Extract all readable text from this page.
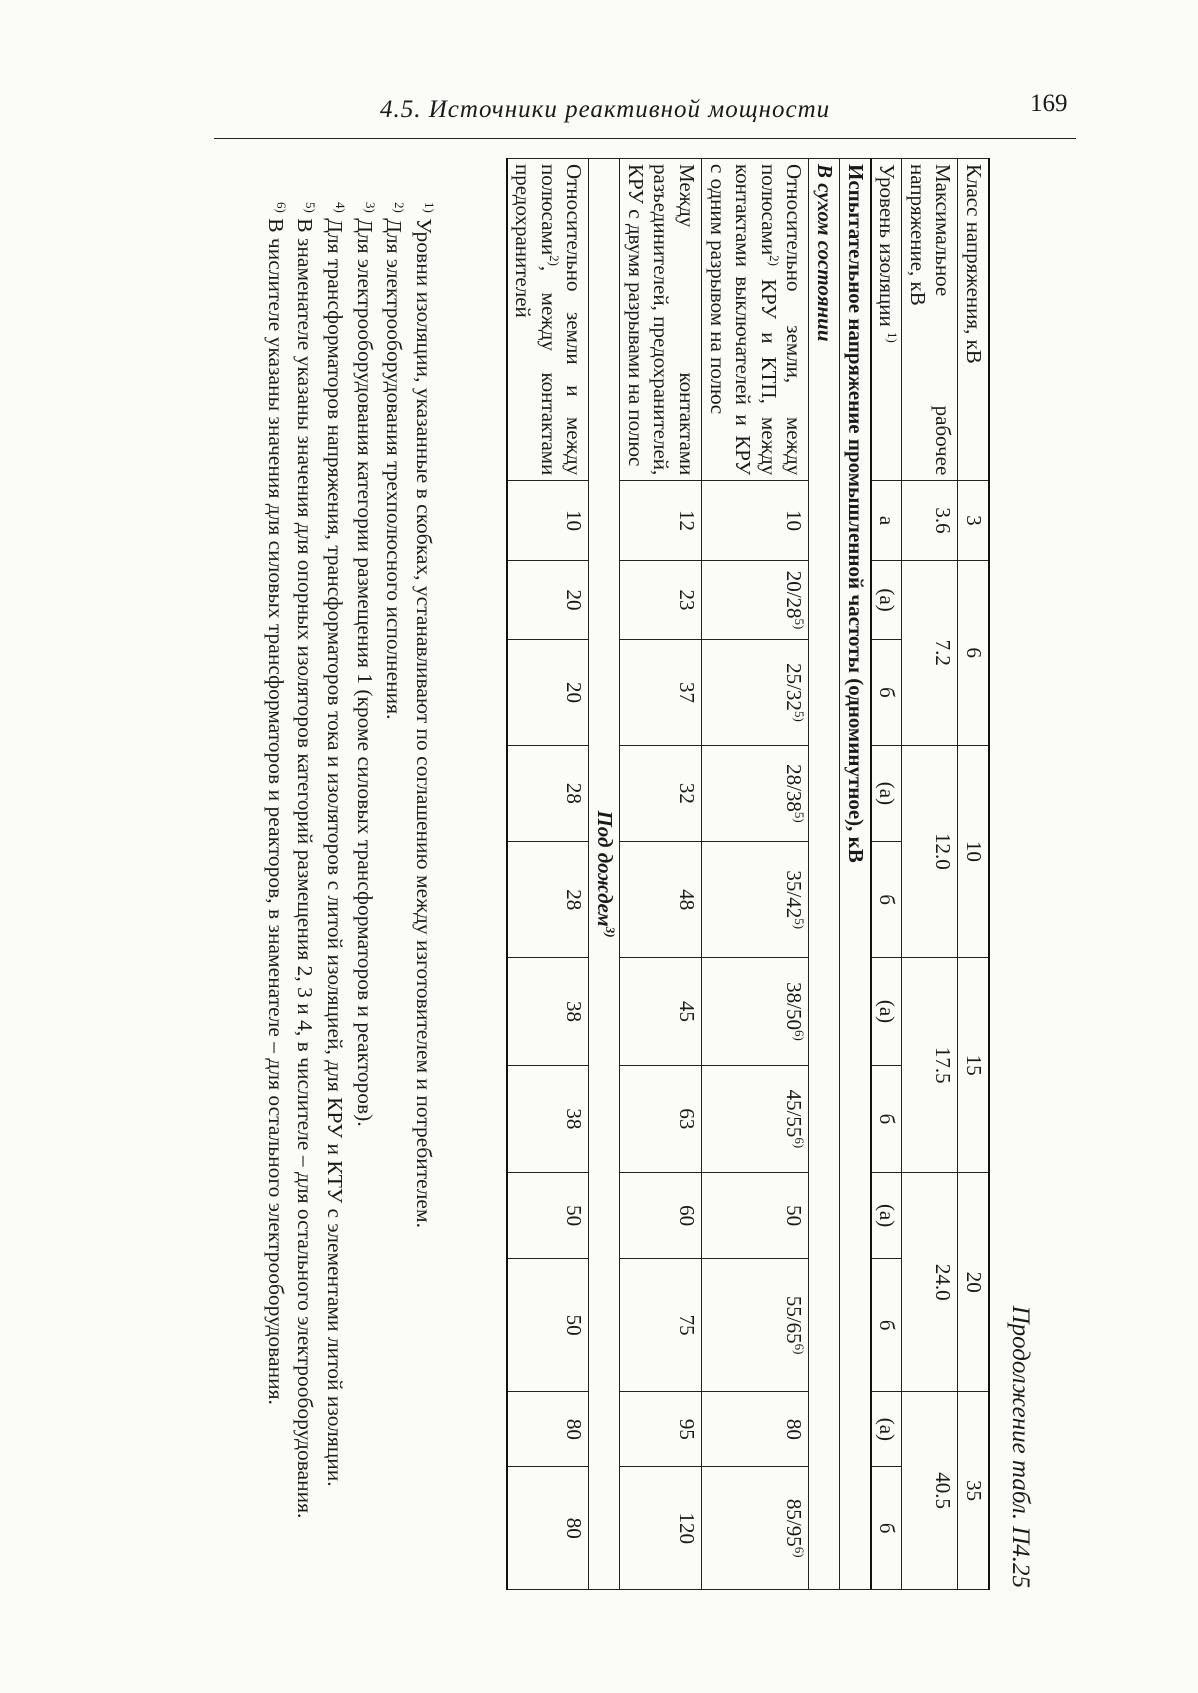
4.5. Источники реактивной мощности	169
Продолжение табл. П4.25
Класс напряжения, кВ	3	6		10		15		20		35	
Максимальное рабочее напряжение, кВ	3.6	7.2		12.0		17.5		24.0		40.5	
Уровень изоляции $^{1)}$	а	(а)	б	(а)	б	(а)	б	(а)	б	(а)	б
Испытательное напряжение промышленной частоты (одноминутное), кВ											
В сухом состоянии											
Относительно земли, между полюсами$^{2)}$ КРУ и КТП, между контактами выключателей и КРУ с одним разрывом на полюс	10	20/28$^{5)}$	25/32$^{5)}$	28/38$^{5)}$	35/42$^{5)}$	38/50$^{6)}$	45/55$^{6)}$	50	55/65$^{6)}$	80	85/95$^{6)}$
Между контактами разъединителей, предохранителей, КРУ с двумя разрывами на полюс	12	23	37	32	48	45	63	60	75	95	120
Под дождем$^{3)}$
Относительно земли и между полюсами$^{2)}$, между контактами предохранителей	10	20	20	28	28	38	38	50	50	80	80
$^{1)}$ Уровни изоляции, указанные в скобках, устанавливают по соглашению между изготовителем и потребителем.
$^{2)}$ Для электрооборудования трехполюсного исполнения.
$^{3)}$ Для электрооборудования категории размещения 1 (кроме силовых трансформаторов и реакторов).
$^{4)}$ Для трансформаторов напряжения, трансформаторов тока и изоляторов с литой изоляцией, для КРУ и КТУ с элементами литой изоляции.
$^{5)}$ В знаменателе указаны значения для опорных изоляторов категорий размещения 2, 3 и 4, в числителе – для остального электрооборудования.
$^{6)}$ В числителе указаны значения для силовых трансформаторов и реакторов, в знаменателе – для остального электрооборудования.
